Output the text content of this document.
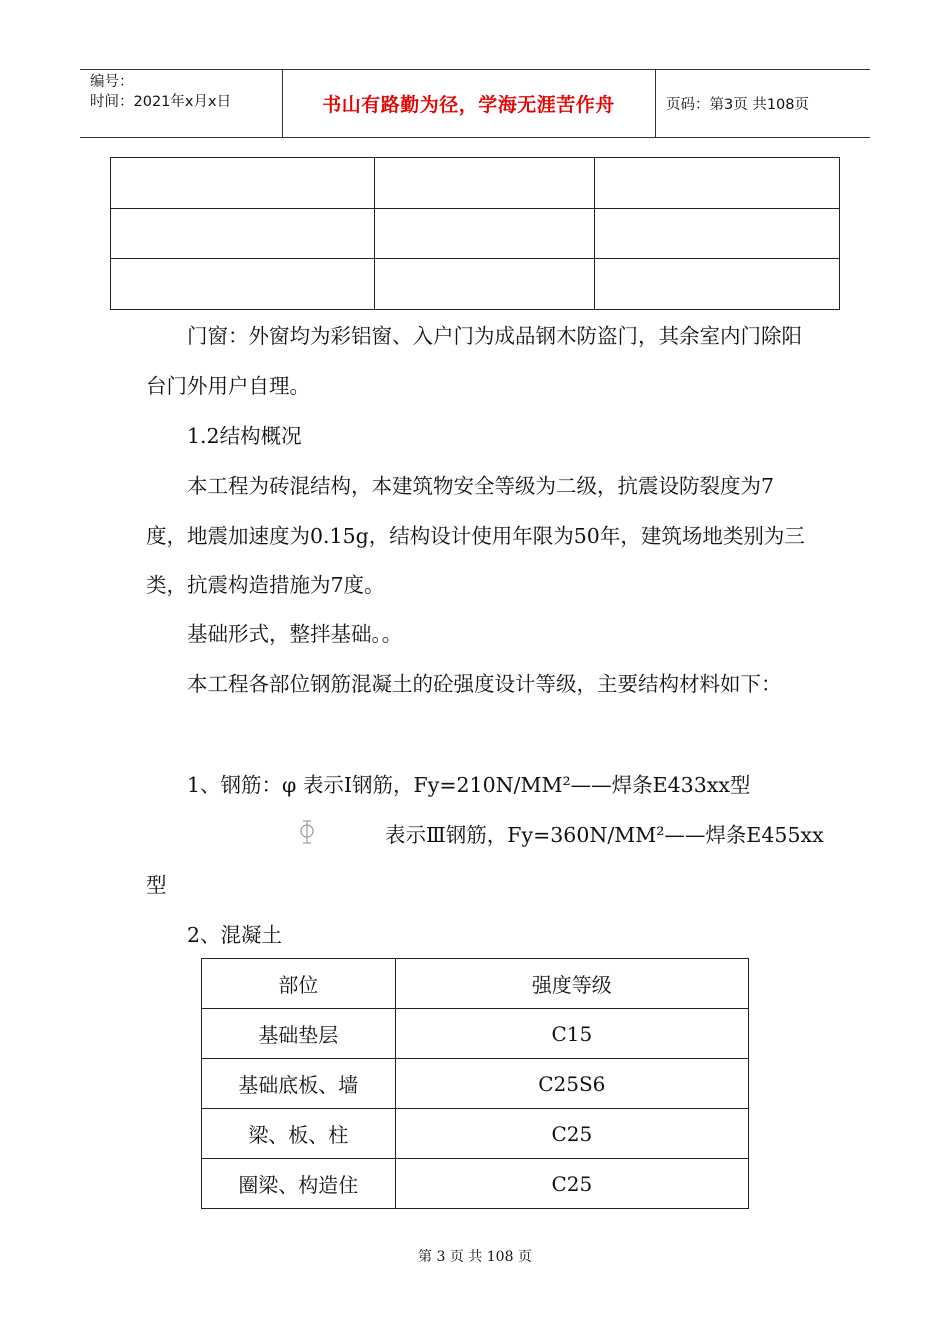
编号：
时间：2021年x月x日	书山有路勤为径，学海无涯苦作舟	页码：第3页 共108页

门窗：外窗均为彩铝窗、入户门为成品钢木防盗门，其余室内门除阳台门外用户自理。

1.2结构概况

本工程为砖混结构，本建筑物安全等级为二级，抗震设防裂度为7度，地震加速度为0.15g，结构设计使用年限为50年，建筑场地类别为三类，抗震构造措施为7度。

基础形式，整拌基础。。

本工程各部位钢筋混凝土的砼强度设计等级，主要结构材料如下：

1、钢筋：φ 表示Ⅰ钢筋，Fy=210N/MM²——焊条E433xx型
表示Ⅲ钢筋，Fy=360N/MM²——焊条E455xx
型
2、混凝土
部位	强度等级
基础垫层	C15
基础底板、墙	C25S6
梁、板、柱	C25
圈梁、构造住	C25
第 3 页 共 108 页
